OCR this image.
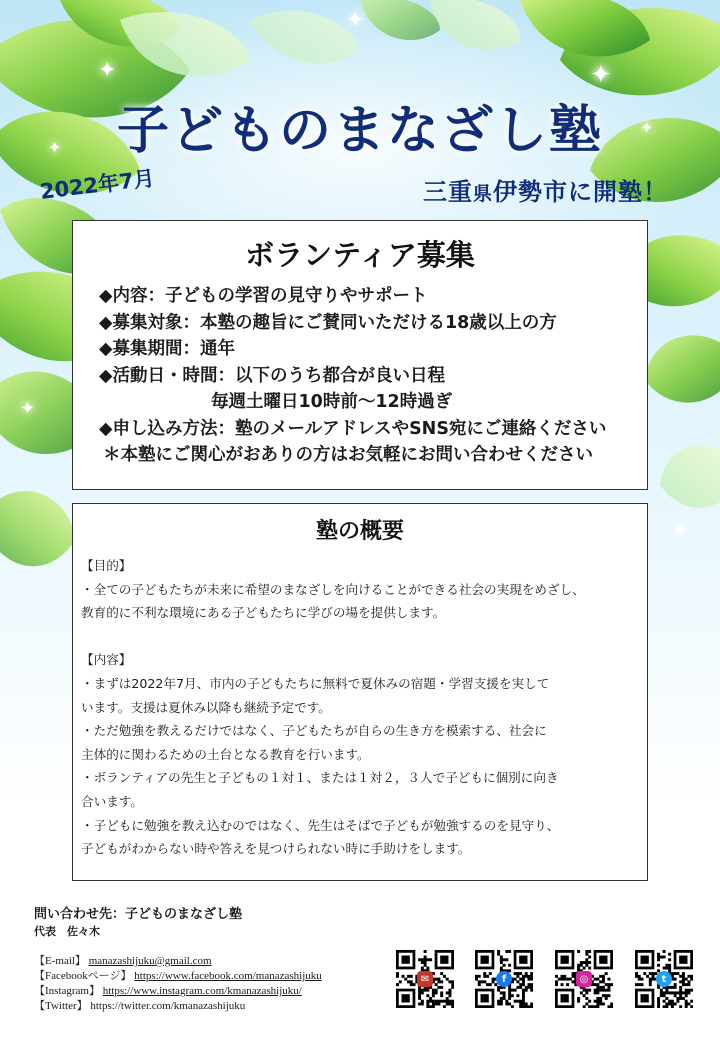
✦
✦
✦
✦
✦
✦
✦
子どものまなざし塾
2022年7月	三重県伊勢市に開塾！
ボランティア募集
◆内容：子どもの学習の見守りやサポート
◆募集対象：本塾の趣旨にご賛同いただける18歳以上の方
◆募集期間：通年
◆活動日・時間：以下のうち都合が良い日程
毎週土曜日10時前～12時過ぎ
◆申し込み方法：塾のメールアドレスやSNS宛にご連絡ください
＊本塾にご関心がおありの方はお気軽にお問い合わせください
塾の概要
【目的】
・全ての子どもたちが未来に希望のまなざしを向けることができる社会の実現をめざし、
教育的に不利な環境にある子どもたちに学びの場を提供します。
【内容】
・まずは2022年7月、市内の子どもたちに無料で夏休みの宿題・学習支援を実して
います。支援は夏休み以降も継続予定です。
・ただ勉強を教えるだけではなく、子どもたちが自らの生き方を模索する、社会に
主体的に関わるための土台となる教育を行います。
・ボランティアの先生と子どもの１対１、または１対２，３人で子どもに個別に向き
合います。
・子どもに勉強を教え込むのではなく、先生はそばで子どもが勉強するのを見守り、
子どもがわからない時や答えを見つけられない時に手助けをします。
問い合わせ先：子どものまなざし塾
代表　佐々木
【E-mail】 manazashijuku@gmail.com
【Facebookページ】 https://www.facebook.com/manazashijuku
【Instagram】 https://www.instagram.com/kmanazashijuku/
【Twitter】 https://twitter.com/kmanazashijuku
✉	f	◎	t
